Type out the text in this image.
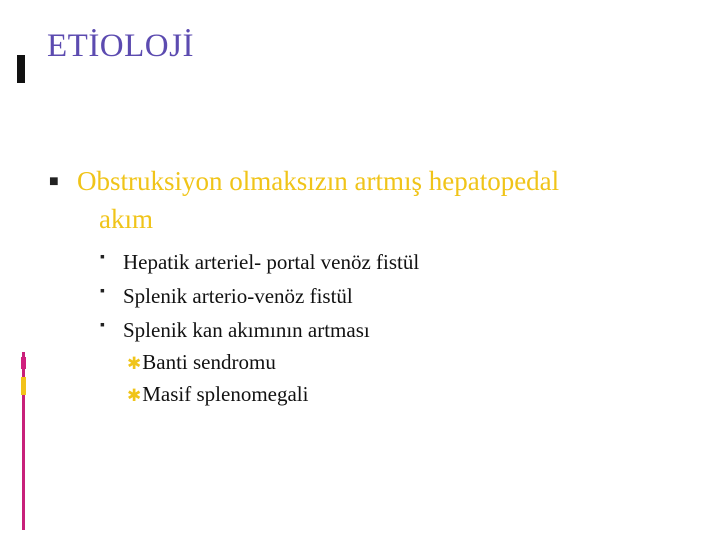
ETİOLOJİ
■ Obstruksiyon olmaksızın artmış hepatopedal
akım
▪ Hepatik arteriel- portal venöz fistül
▪ Splenik arterio-venöz fistül
▪ Splenik kan akımının artması
✱Banti sendromu
✱Masif splenomegali
